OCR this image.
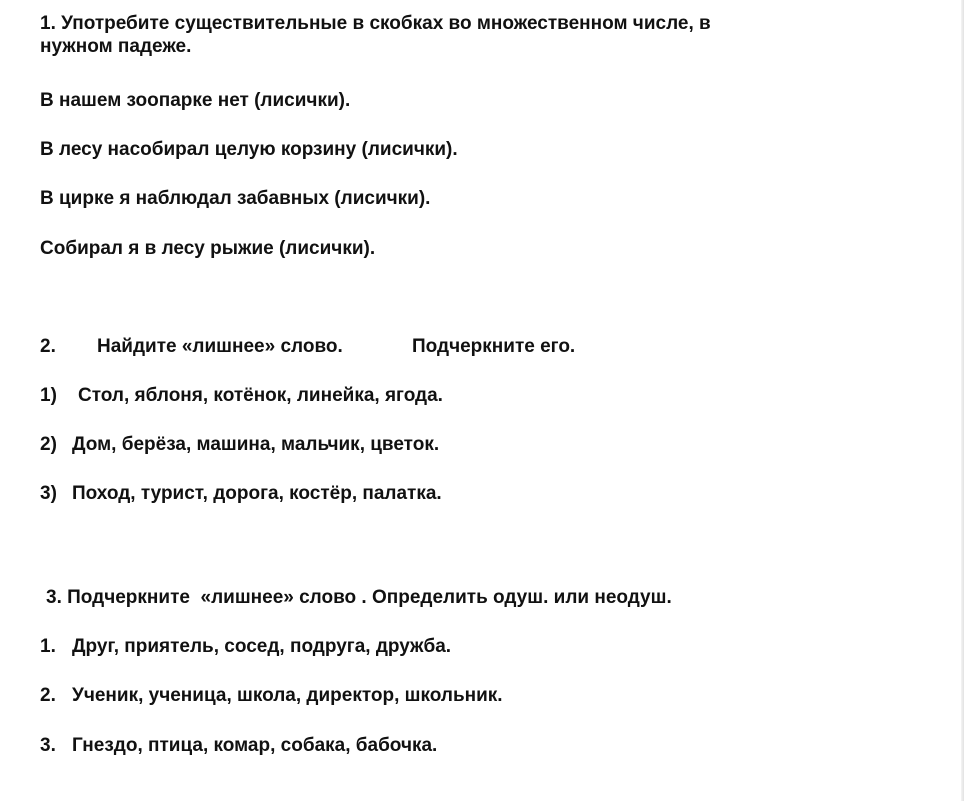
1. Употребите существительные в скобках во множественном числе, в
нужном падеже.
В нашем зоопарке нет (лисички).
В лесу насобирал целую корзину (лисички).
В цирке я наблюдал забавных (лисички).
Собирал я в лесу рыжие (лисички).
2. Найдите «лишнее» слово.	Подчеркните его.
1) Стол, яблоня, котёнок, линейка, ягода.
2) Дом, берёза, машина, мальчик, цветок.
3) Поход, турист, дорога, костёр, палатка.
3. Подчеркните  «лишнее» слово . Определить одуш. или неодуш.
1. Друг, приятель, сосед, подруга, дружба.
2. Ученик, ученица, школа, директор, школьник.
3. Гнездо, птица, комар, собака, бабочка.
